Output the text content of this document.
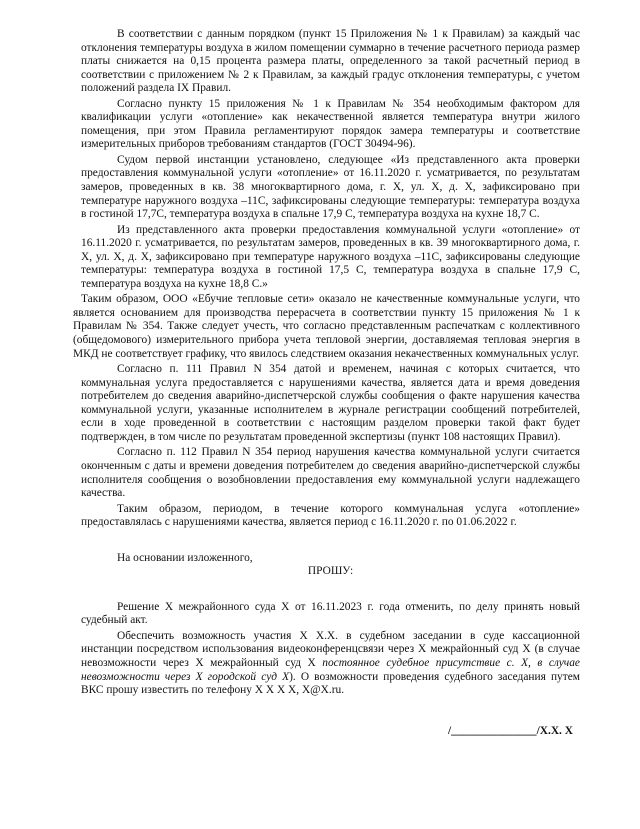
В соответствии с данным порядком (пункт 15 Приложения № 1 к Правилам) за каждый час отклонения температуры воздуха в жилом помещении суммарно в течение расчетного периода размер платы снижается на 0,15 процента размера платы, определенного за такой расчетный период в соответствии с приложением № 2 к Правилам, за каждый градус отклонения температуры, с учетом положений раздела IX Правил.

Согласно пункту 15 приложения № 1 к Правилам № 354 необходимым фактором для квалификации услуги «отопление» как некачественной является температура внутри жилого помещения, при этом Правила регламентируют порядок замера температуры и соответствие измерительных приборов требованиям стандартов (ГОСТ 30494-96).

Судом первой инстанции установлено, следующее «Из представленного акта проверки предоставления коммунальной услуги «отопление» от 16.11.2020 г. усматривается, по результатам замеров, проведенных в кв. 38 многоквартирного дома, г. Х, ул. Х, д. Х, зафиксировано при температуре наружного воздуха –11С, зафиксированы следующие температуры: температура воздуха в гостиной 17,7С, температура воздуха в спальне 17,9 С, температура воздуха на кухне 18,7 С.

Из представленного акта проверки предоставления коммунальной услуги «отопление» от 16.11.2020 г. усматривается, по результатам замеров, проведенных в кв. 39 многоквартирного дома, г. Х, ул. Х, д. Х, зафиксировано при температуре наружного воздуха –11С, зафиксированы следующие температуры: температура воздуха в гостиной 17,5 С, температура воздуха в спальне 17,9 С, температура воздуха на кухне 18,8 С.»

Таким образом, ООО «Ебучие тепловые сети» оказало не качественные коммунальные услуги, что является основанием для производства перерасчета в соответствии пункту 15 приложения № 1 к Правилам № 354. Также следует учесть, что согласно представленным распечаткам с коллективного (общедомового) измерительного прибора учета тепловой энергии, доставляемая тепловая энергия в МКД не соответствует графику, что явилось следствием оказания некачественных коммунальных услуг.

Согласно п. 111 Правил N 354 датой и временем, начиная с которых считается, что коммунальная услуга предоставляется с нарушениями качества, является дата и время доведения потребителем до сведения аварийно-диспетчерской службы сообщения о факте нарушения качества коммунальной услуги, указанные исполнителем в журнале регистрации сообщений потребителей, если в ходе проведенной в соответствии с настоящим разделом проверки такой факт будет подтвержден, в том числе по результатам проведенной экспертизы (пункт 108 настоящих Правил).

Согласно п. 112 Правил N 354 период нарушения качества коммунальной услуги считается оконченным с даты и времени доведения потребителем до сведения аварийно-диспетчерской службы исполнителя сообщения о возобновлении предоставления ему коммунальной услуги надлежащего качества.

Таким образом, периодом, в течение которого коммунальная услуга «отопление» предоставлялась с нарушениями качества, является период с 16.11.2020 г. по 01.06.2022 г.

На основании изложенного,

ПРОШУ:

Решение Х межрайонного суда Х от 16.11.2023 г. года отменить, по делу принять новый судебный акт.

Обеспечить возможность участия Х Х.Х. в судебном заседании в суде кассационной инстанции посредством использования видеоконференцсвязи через Х межрайонный суд Х (в случае невозможности через Х межрайонный суд Х постоянное судебное присутствие с. Х, в случае невозможности через Х городской суд Х). О возможности проведения судебного заседания путем ВКС прошу известить по телефону Х Х Х Х, Х@Х.ru.

/_______________/Х.Х. Х
